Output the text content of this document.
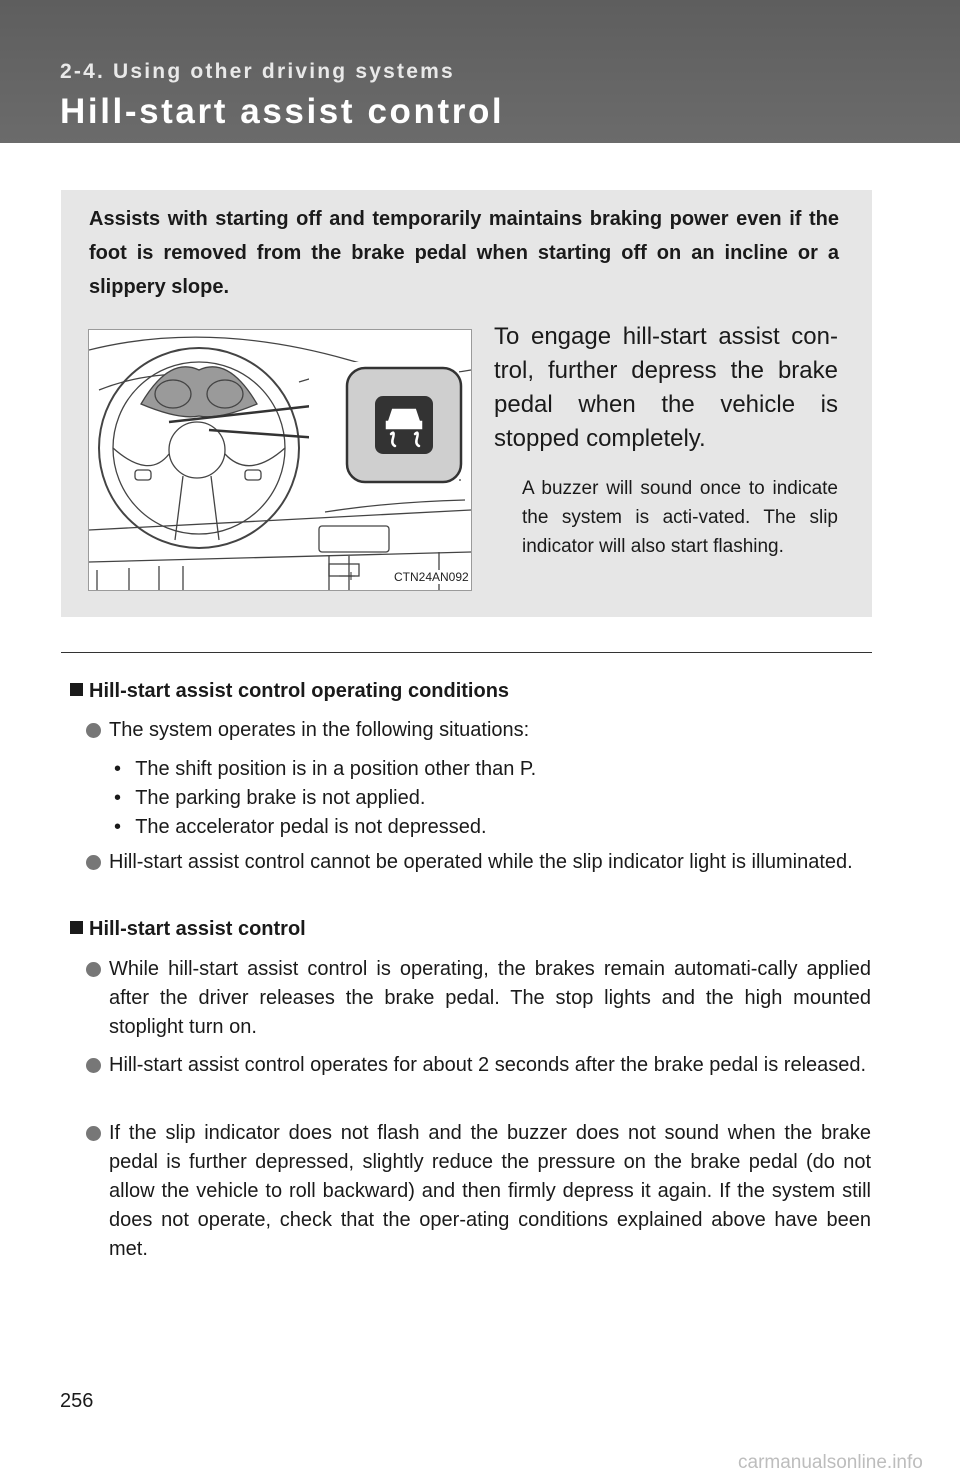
2-4. Using other driving systems
Hill-start assist control

Assists with starting off and temporarily maintains braking power even if the foot is removed from the brake pedal when starting off on an incline or a slippery slope.

CTN24AN092

To engage hill-start assist con-trol, further depress the brake pedal when the vehicle is stopped completely.

A buzzer will sound once to indicate the system is acti-vated. The slip indicator will also start flashing.

Hill-start assist control operating conditions

The system operates in the following situations:

• The shift position is in a position other than P.

• The parking brake is not applied.

• The accelerator pedal is not depressed.

Hill-start assist control cannot be operated while the slip indicator light is illuminated.

Hill-start assist control

While hill-start assist control is operating, the brakes remain automati-cally applied after the driver releases the brake pedal. The stop lights and the high mounted stoplight turn on.

Hill-start assist control operates for about 2 seconds after the brake pedal is released.

If the slip indicator does not flash and the buzzer does not sound when the brake pedal is further depressed, slightly reduce the pressure on the brake pedal (do not allow the vehicle to roll backward) and then firmly depress it again. If the system still does not operate, check that the oper-ating conditions explained above have been met.

256
carmanualsonline.info
